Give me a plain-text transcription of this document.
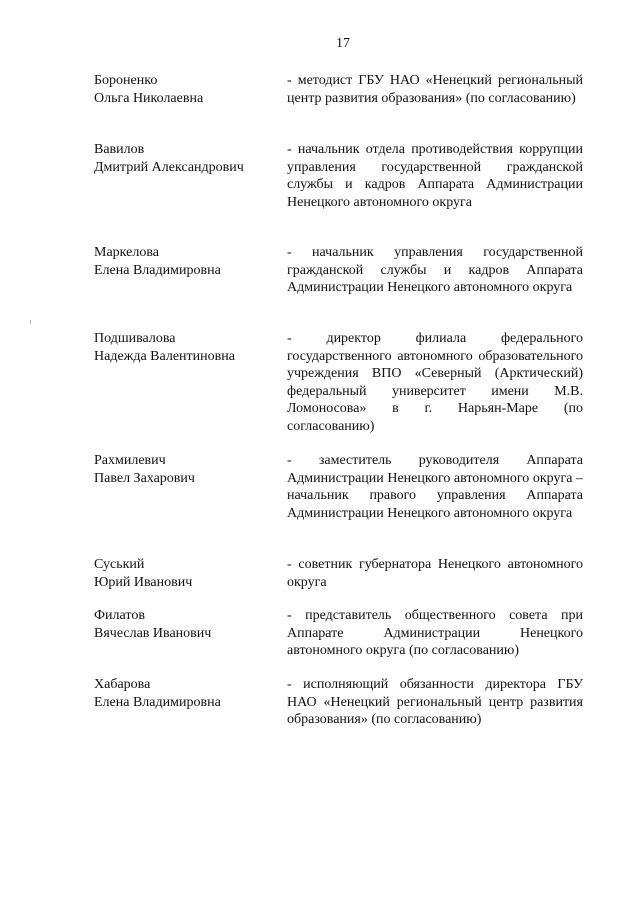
17
Бороненко
Ольга Николаевна
- методист ГБУ НАО «Ненецкий региональный центр развития образования» (по согласованию)
Вавилов
Дмитрий Александрович
- начальник отдела противодействия коррупции управления государственной гражданской службы и кадров Аппарата Администрации Ненецкого автономного округа
Маркелова
Елена Владимировна
- начальник управления государственной гражданской службы и кадров Аппарата Администрации Ненецкого автономного округа
Подшивалова
Надежда Валентиновна
- директор филиала федерального государственного автономного образовательного учреждения ВПО «Северный (Арктический) федеральный университет имени М.В. Ломоносова» в г. Нарьян-Маре (по согласованию)
Рахмилевич
Павел Захарович
- заместитель руководителя Аппарата Администрации Ненецкого автономного округа – начальник правого управления Аппарата Администрации Ненецкого автономного округа
Суський
Юрий Иванович
- советник губернатора Ненецкого автономного округа
Филатов
Вячеслав Иванович
- представитель общественного совета при Аппарате Администрации Ненецкого автономного округа (по согласованию)
Хабарова
Елена Владимировна
- исполняющий обязанности директора ГБУ НАО «Ненецкий региональный центр развития образования» (по согласованию)
